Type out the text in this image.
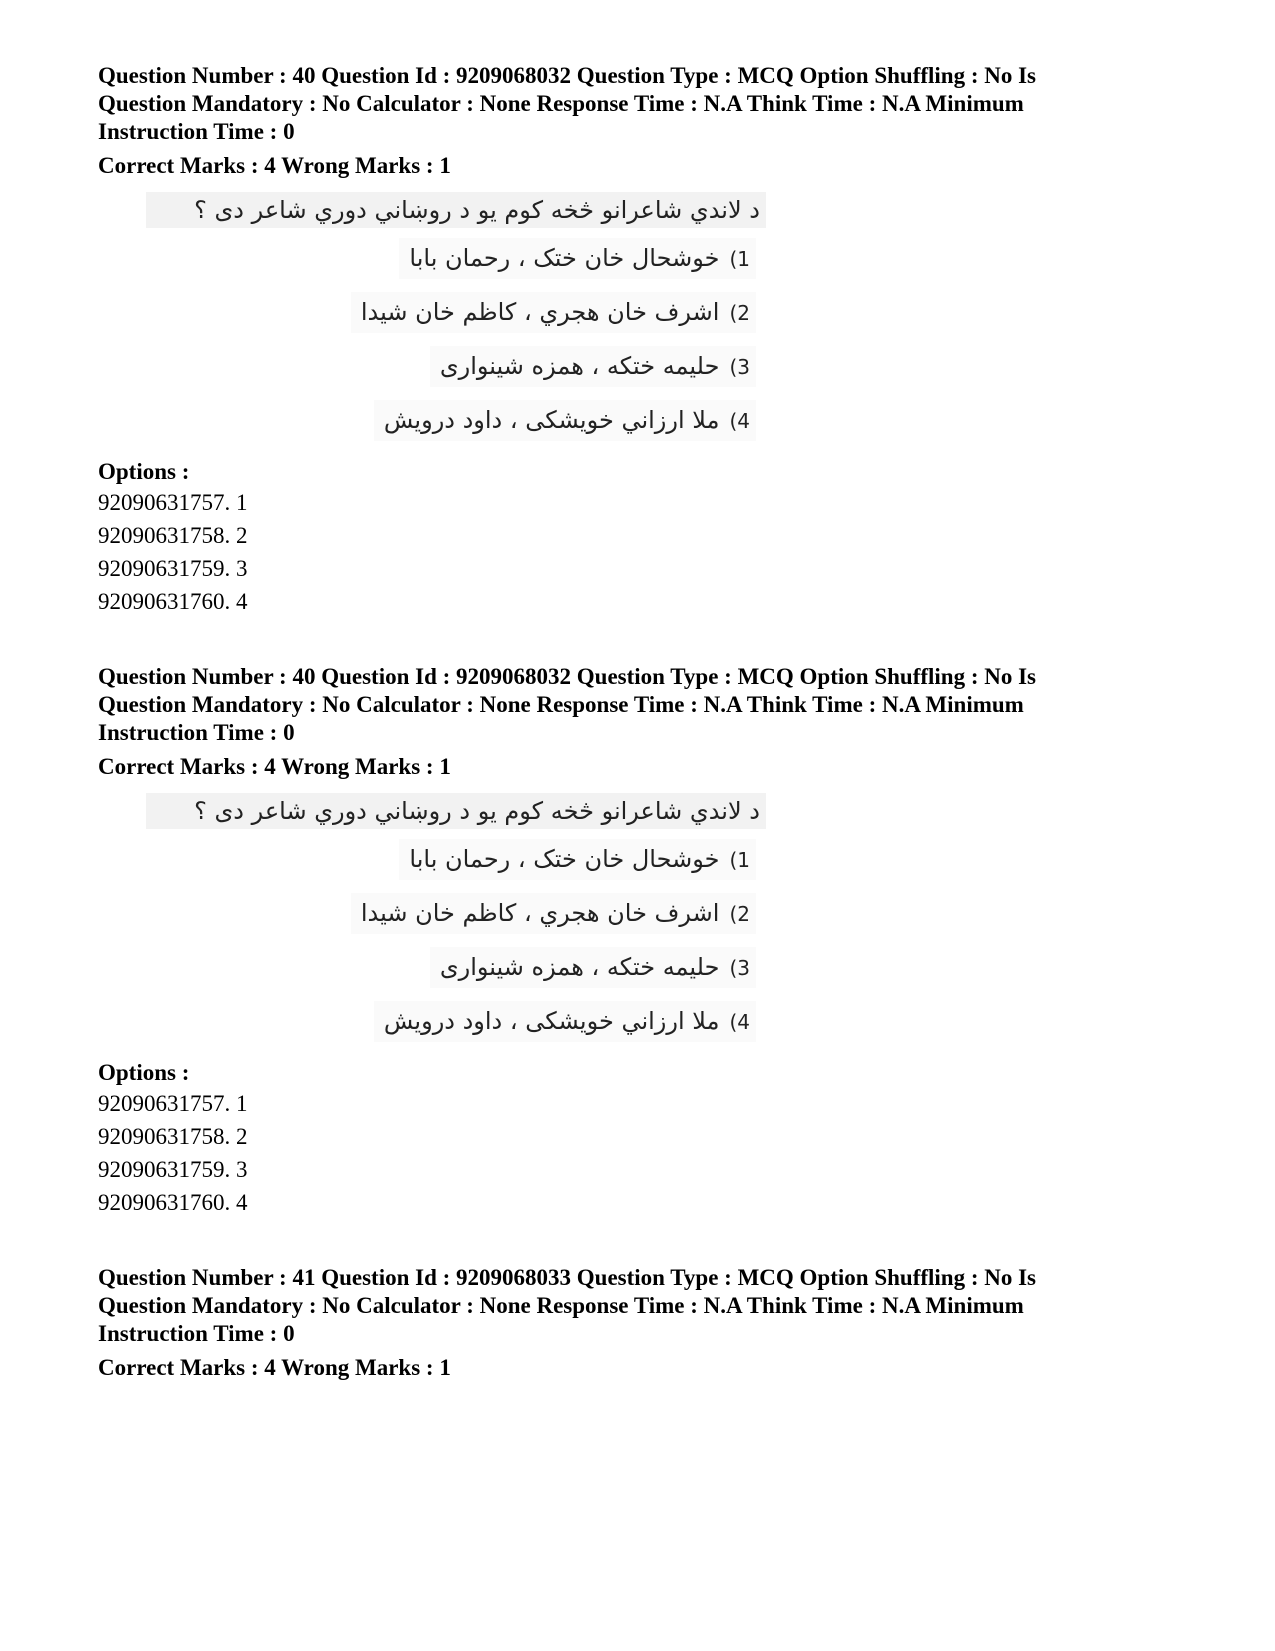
Question Number : 40 Question Id : 9209068032 Question Type : MCQ Option Shuffling : No Is

Question Mandatory : No Calculator : None Response Time : N.A Think Time : N.A Minimum

Instruction Time : 0

Correct Marks : 4 Wrong Marks : 1

د لاندي شاعرانو څخه کوم يو د روښاني دوري شاعر دی ؟
1)خوشحال خان ختک ، رحمان بابا
2)اشرف خان هجري ، کاظم خان شيدا
3)حليمه ختکه ، همزه شينواری
4)ملا ارزاني خويشکی ، داود درويش

Options :

92090631757. 1

92090631758. 2

92090631759. 3

92090631760. 4

Question Number : 40 Question Id : 9209068032 Question Type : MCQ Option Shuffling : No Is

Question Mandatory : No Calculator : None Response Time : N.A Think Time : N.A Minimum

Instruction Time : 0

Correct Marks : 4 Wrong Marks : 1

د لاندي شاعرانو څخه کوم يو د روښاني دوري شاعر دی ؟
1)خوشحال خان ختک ، رحمان بابا
2)اشرف خان هجري ، کاظم خان شيدا
3)حليمه ختکه ، همزه شينواری
4)ملا ارزاني خويشکی ، داود درويش

Options :

92090631757. 1

92090631758. 2

92090631759. 3

92090631760. 4

Question Number : 41 Question Id : 9209068033 Question Type : MCQ Option Shuffling : No Is

Question Mandatory : No Calculator : None Response Time : N.A Think Time : N.A Minimum

Instruction Time : 0

Correct Marks : 4 Wrong Marks : 1
